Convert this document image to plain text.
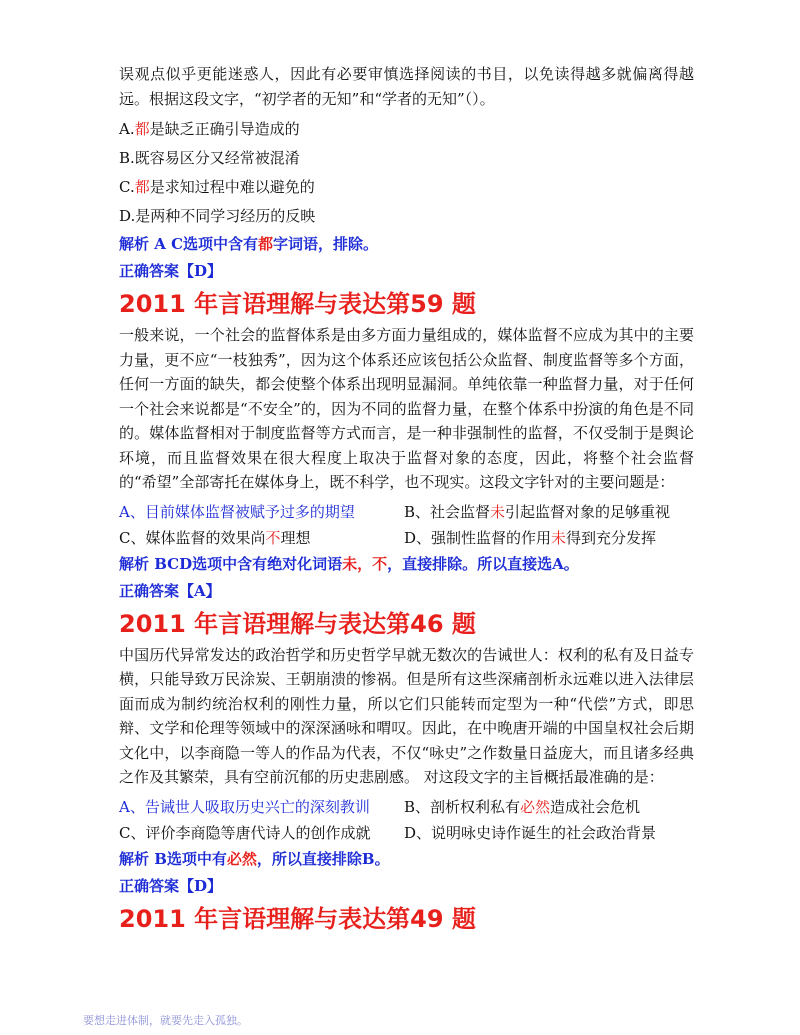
误观点似乎更能迷惑人，因此有必要审慎选择阅读的书目，以免读得越多就偏离得越远。根据这段文字，“初学者的无知”和“学者的无知”（）。

A.都是缺乏正确引导造成的

B.既容易区分又经常被混淆

C.都是求知过程中难以避免的

D.是两种不同学习经历的反映

解析 A C选项中含有都字词语，排除。

正确答案【D】

2011 年言语理解与表达第59 题

一般来说，一个社会的监督体系是由多方面力量组成的，媒体监督不应成为其中的主要力量，更不应“一枝独秀”，因为这个体系还应该包括公众监督、制度监督等多个方面，任何一方面的缺失，都会使整个体系出现明显漏洞。单纯依靠一种监督力量，对于任何一个社会来说都是“不安全”的，因为不同的监督力量，在整个体系中扮演的角色是不同的。媒体监督相对于制度监督等方式而言，是一种非强制性的监督，不仅受制于是舆论环境，而且监督效果在很大程度上取决于监督对象的态度，因此，将整个社会监督的“希望”全部寄托在媒体身上，既不科学，也不现实。这段文字针对的主要问题是：

A、目前媒体监督被赋予过多的期望	B、社会监督未引起监督对象的足够重视
C、媒体监督的效果尚不理想	D、强制性监督的作用未得到充分发挥

解析 BCD选项中含有绝对化词语未，不，直接排除。所以直接选A。

正确答案【A】

2011 年言语理解与表达第46 题

中国历代异常发达的政治哲学和历史哲学早就无数次的告诫世人：权利的私有及日益专横，只能导致万民涂炭、王朝崩溃的惨祸。但是所有这些深痛剖析永远难以进入法律层面而成为制约统治权利的刚性力量，所以它们只能转而定型为一种“代偿”方式，即思辩、文学和伦理等领域中的深深涵咏和喟叹。因此，在中晚唐开端的中国皇权社会后期文化中，以李商隐一等人的作品为代表，不仅“咏史”之作数量日益庞大，而且诸多经典之作及其繁荣，具有空前沉郁的历史悲剧感。 对这段文字的主旨概括最准确的是：

A、告诫世人吸取历史兴亡的深刻教训	B、剖析权利私有必然造成社会危机
C、评价李商隐等唐代诗人的创作成就	D、说明咏史诗作诞生的社会政治背景

解析 B选项中有必然，所以直接排除B。

正确答案【D】

2011 年言语理解与表达第49 题

要想走进体制，就要先走入孤独。
